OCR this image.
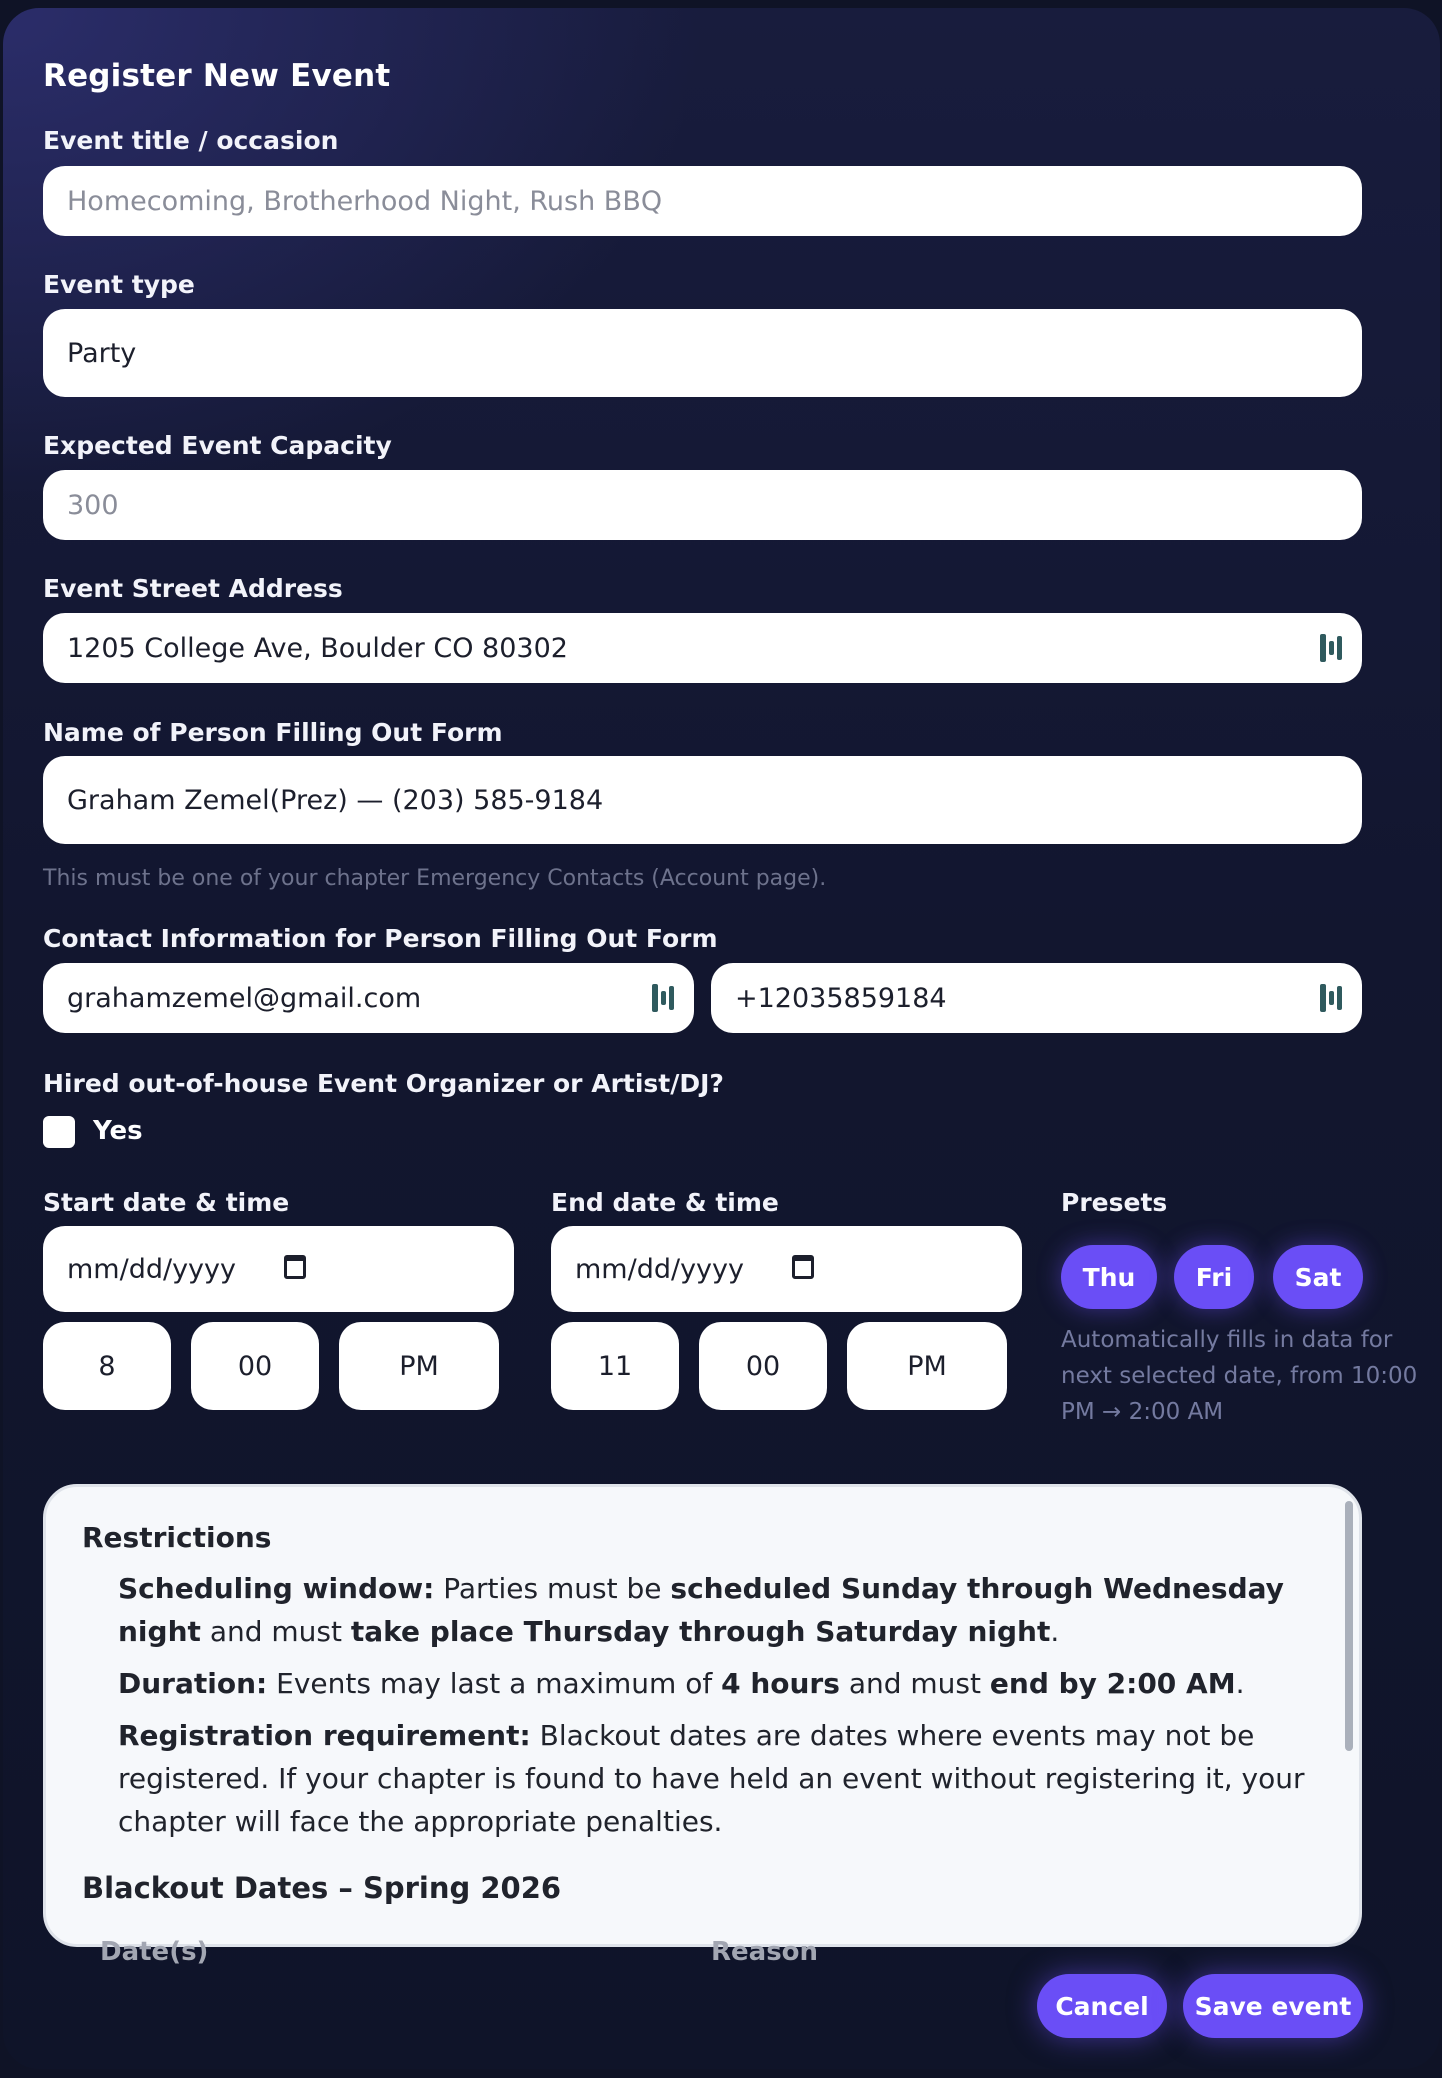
Register New Event
Event title / occasion
Homecoming, Brotherhood Night, Rush BBQ
Event type
Party
Expected Event Capacity
300
Event Street Address
1205 College Ave, Boulder CO 80302
Name of Person Filling Out Form
Graham Zemel(Prez) — (203) 585-9184
This must be one of your chapter Emergency Contacts (Account page).
Contact Information for Person Filling Out Form
grahamzemel@gmail.com	+12035859184
Hired out-of-house Event Organizer or Artist/DJ?
Yes
Start date & time
mm/dd/yyyy
8	00	PM
End date & time
mm/dd/yyyy
11	00	PM
Presets
Thu	Fri	Sat
Automatically fills in data for next selected date, from 10:00 PM → 2:00 AM
Restrictions
Scheduling window: Parties must be scheduled Sunday through Wednesday night and must take place Thursday through Saturday night.
Duration: Events may last a maximum of 4 hours and must end by 2:00 AM.
Registration requirement: Blackout dates are dates where events may not be registered. If your chapter is found to have held an event without registering it, your chapter will face the appropriate penalties.
Blackout Dates – Spring 2026
Date(s)	Reason
Cancel	Save event
